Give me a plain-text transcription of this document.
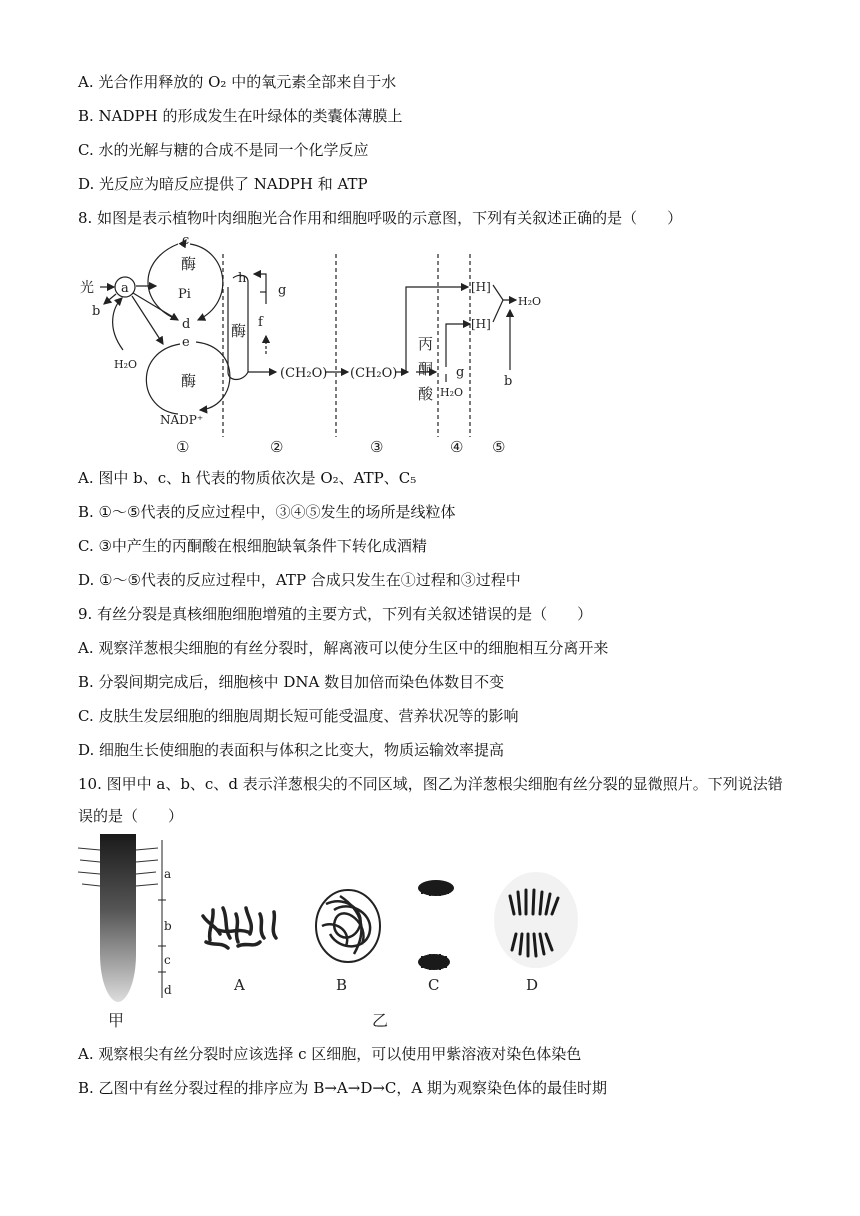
A. 光合作用释放的 O₂ 中的氧元素全部来自于水
B. NADPH 的形成发生在叶绿体的类囊体薄膜上
C. 水的光解与糖的合成不是同一个化学反应
D. 光反应为暗反应提供了 NADPH 和 ATP
8. 如图是表示植物叶肉细胞光合作用和细胞呼吸的示意图，下列有关叙述正确的是（　　）
光 a
b
c
酶
Pi
d
e
H₂O
酶
NADP⁺
h
g
f
酶
(CH₂O) (CH₂O)
丙
酮
酸
g
H₂O
[H]
[H]
H₂O
b
①	②	③	④ ⑤
A. 图中 b、c、h 代表的物质依次是 O₂、ATP、C₅
B. ①～⑤代表的反应过程中，③④⑤发生的场所是线粒体
C. ③中产生的丙酮酸在根细胞缺氧条件下转化成酒精
D. ①～⑤代表的反应过程中，ATP 合成只发生在①过程和③过程中
9. 有丝分裂是真核细胞细胞增殖的主要方式，下列有关叙述错误的是（　　）
A. 观察洋葱根尖细胞的有丝分裂时，解离液可以使分生区中的细胞相互分离开来
B. 分裂间期完成后，细胞核中 DNA 数目加倍而染色体数目不变
C. 皮肤生发层细胞的细胞周期长短可能受温度、营养状况等的影响
D. 细胞生长使细胞的表面积与体积之比变大，物质运输效率提高
10. 图甲中 a、b、c、d 表示洋葱根尖的不同区域，图乙为洋葱根尖细胞有丝分裂的显微照片。下列说法错
误的是（　　）
a
b
c
d
甲
A	B	C	D
乙
A. 观察根尖有丝分裂时应该选择 c 区细胞，可以使用甲紫溶液对染色体染色
B. 乙图中有丝分裂过程的排序应为 B→A→D→C，A 期为观察染色体的最佳时期
